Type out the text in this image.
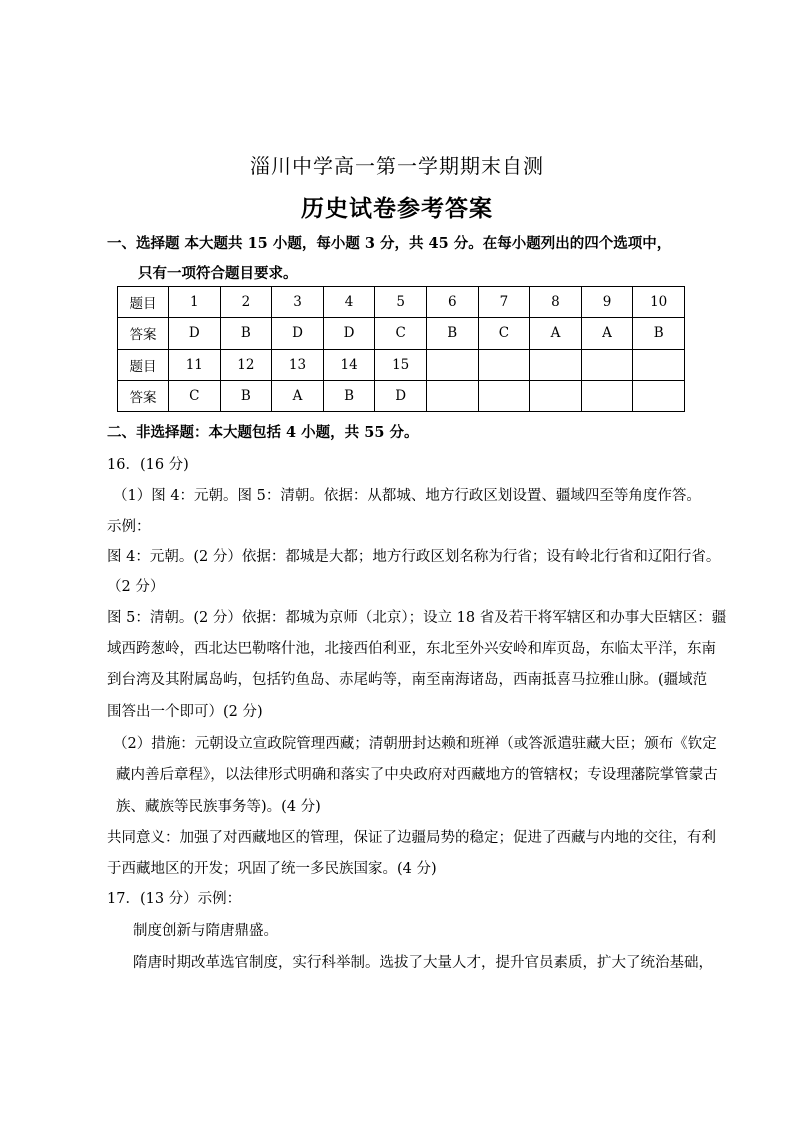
淄川中学高一第一学期期末自测
历史试卷参考答案
一、选择题 本大题共 15 小题，每小题 3 分，共 45 分。在每小题列出的四个选项中，
只有一项符合题目要求。
题目	1	2	3	4	5	6	7	8	9	10
答案	D	B	D	D	C	B	C	A	A	B
题目	11	12	13	14	15					
答案	C	B	A	B	D					
二、非选择题：本大题包括 4 小题，共 55 分。
16．(16 分)
（1）图 4：元朝。图 5：清朝。依据：从都城、地方行政区划设置、疆域四至等角度作答。
示例：
图 4：元朝。(2 分）依据：都城是大都；地方行政区划名称为行省；设有岭北行省和辽阳行省。
（2 分）
图 5：清朝。(2 分）依据：都城为京师（北京）；设立 18 省及若干将军辖区和办事大臣辖区：疆
域西跨葱岭，西北达巴勒喀什池，北接西伯利亚，东北至外兴安岭和库页岛，东临太平洋，东南
到台湾及其附属岛屿，包括钓鱼岛、赤尾屿等，南至南海诸岛，西南抵喜马拉雅山脉。(疆域范
围答出一个即可）(2 分)
（2）措施：元朝设立宣政院管理西藏；清朝册封达赖和班禅（或答派遣驻藏大臣；颁布《钦定
藏内善后章程》，以法律形式明确和落实了中央政府对西藏地方的管辖权；专设理藩院掌管蒙古
族、藏族等民族事务等)。(4 分)
共同意义：加强了对西藏地区的管理，保证了边疆局势的稳定；促进了西藏与内地的交往，有利
于西藏地区的开发；巩固了统一多民族国家。(4 分)
17．(13 分）示例：
制度创新与隋唐鼎盛。
隋唐时期改革选官制度，实行科举制。选拔了大量人才，提升官员素质，扩大了统治基础，
